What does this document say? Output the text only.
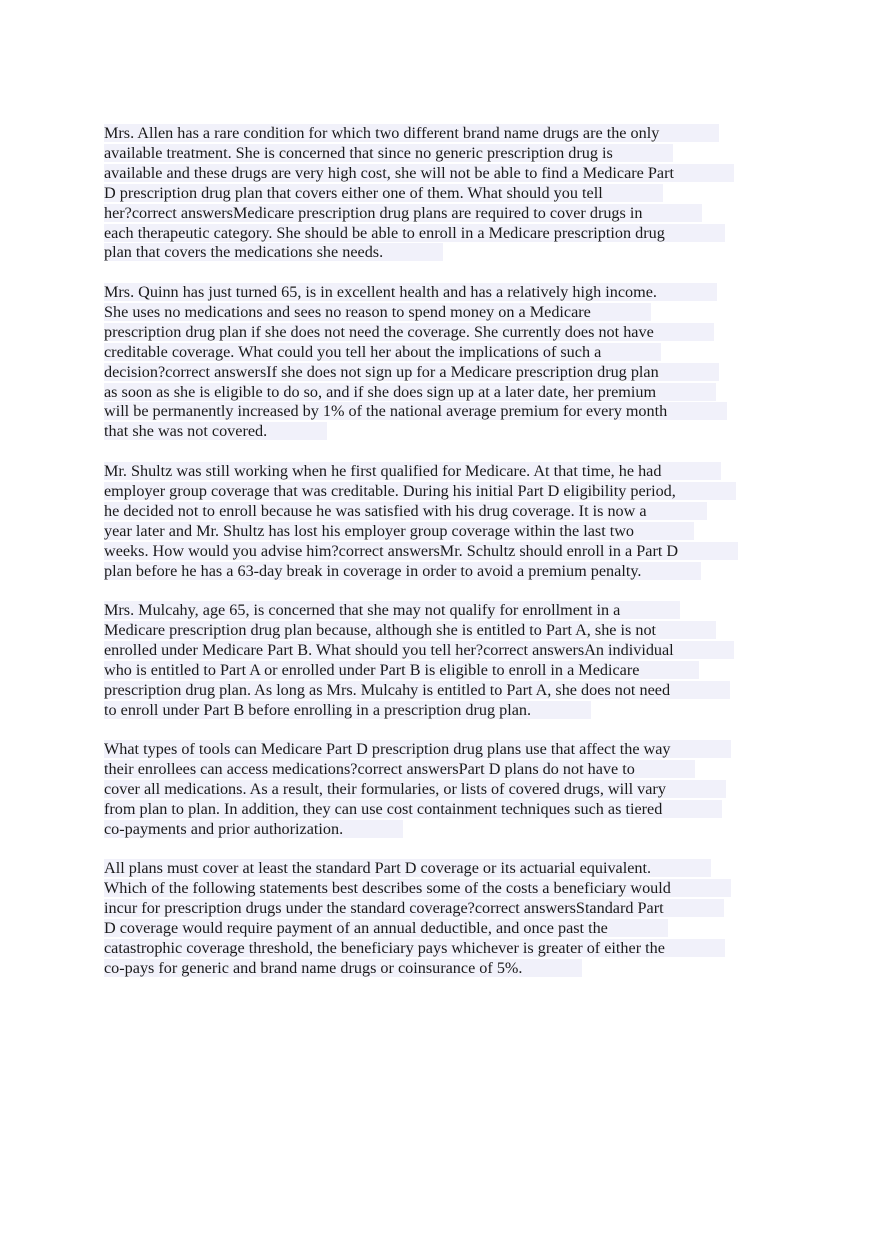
Mrs. Allen has a rare condition for which two different brand name drugs are the only
available treatment. She is concerned that since no generic prescription drug is
available and these drugs are very high cost, she will not be able to find a Medicare Part
D prescription drug plan that covers either one of them. What should you tell
her?correct answersMedicare prescription drug plans are required to cover drugs in
each therapeutic category. She should be able to enroll in a Medicare prescription drug
plan that covers the medications she needs.
Mrs. Quinn has just turned 65, is in excellent health and has a relatively high income.
She uses no medications and sees no reason to spend money on a Medicare
prescription drug plan if she does not need the coverage. She currently does not have
creditable coverage. What could you tell her about the implications of such a
decision?correct answersIf she does not sign up for a Medicare prescription drug plan
as soon as she is eligible to do so, and if she does sign up at a later date, her premium
will be permanently increased by 1% of the national average premium for every month
that she was not covered.
Mr. Shultz was still working when he first qualified for Medicare. At that time, he had
employer group coverage that was creditable. During his initial Part D eligibility period,
he decided not to enroll because he was satisfied with his drug coverage. It is now a
year later and Mr. Shultz has lost his employer group coverage within the last two
weeks. How would you advise him?correct answersMr. Schultz should enroll in a Part D
plan before he has a 63-day break in coverage in order to avoid a premium penalty.
Mrs. Mulcahy, age 65, is concerned that she may not qualify for enrollment in a
Medicare prescription drug plan because, although she is entitled to Part A, she is not
enrolled under Medicare Part B. What should you tell her?correct answersAn individual
who is entitled to Part A or enrolled under Part B is eligible to enroll in a Medicare
prescription drug plan. As long as Mrs. Mulcahy is entitled to Part A, she does not need
to enroll under Part B before enrolling in a prescription drug plan.
What types of tools can Medicare Part D prescription drug plans use that affect the way
their enrollees can access medications?correct answersPart D plans do not have to
cover all medications. As a result, their formularies, or lists of covered drugs, will vary
from plan to plan. In addition, they can use cost containment techniques such as tiered
co-payments and prior authorization.
All plans must cover at least the standard Part D coverage or its actuarial equivalent.
Which of the following statements best describes some of the costs a beneficiary would
incur for prescription drugs under the standard coverage?correct answersStandard Part
D coverage would require payment of an annual deductible, and once past the
catastrophic coverage threshold, the beneficiary pays whichever is greater of either the
co-pays for generic and brand name drugs or coinsurance of 5%.
